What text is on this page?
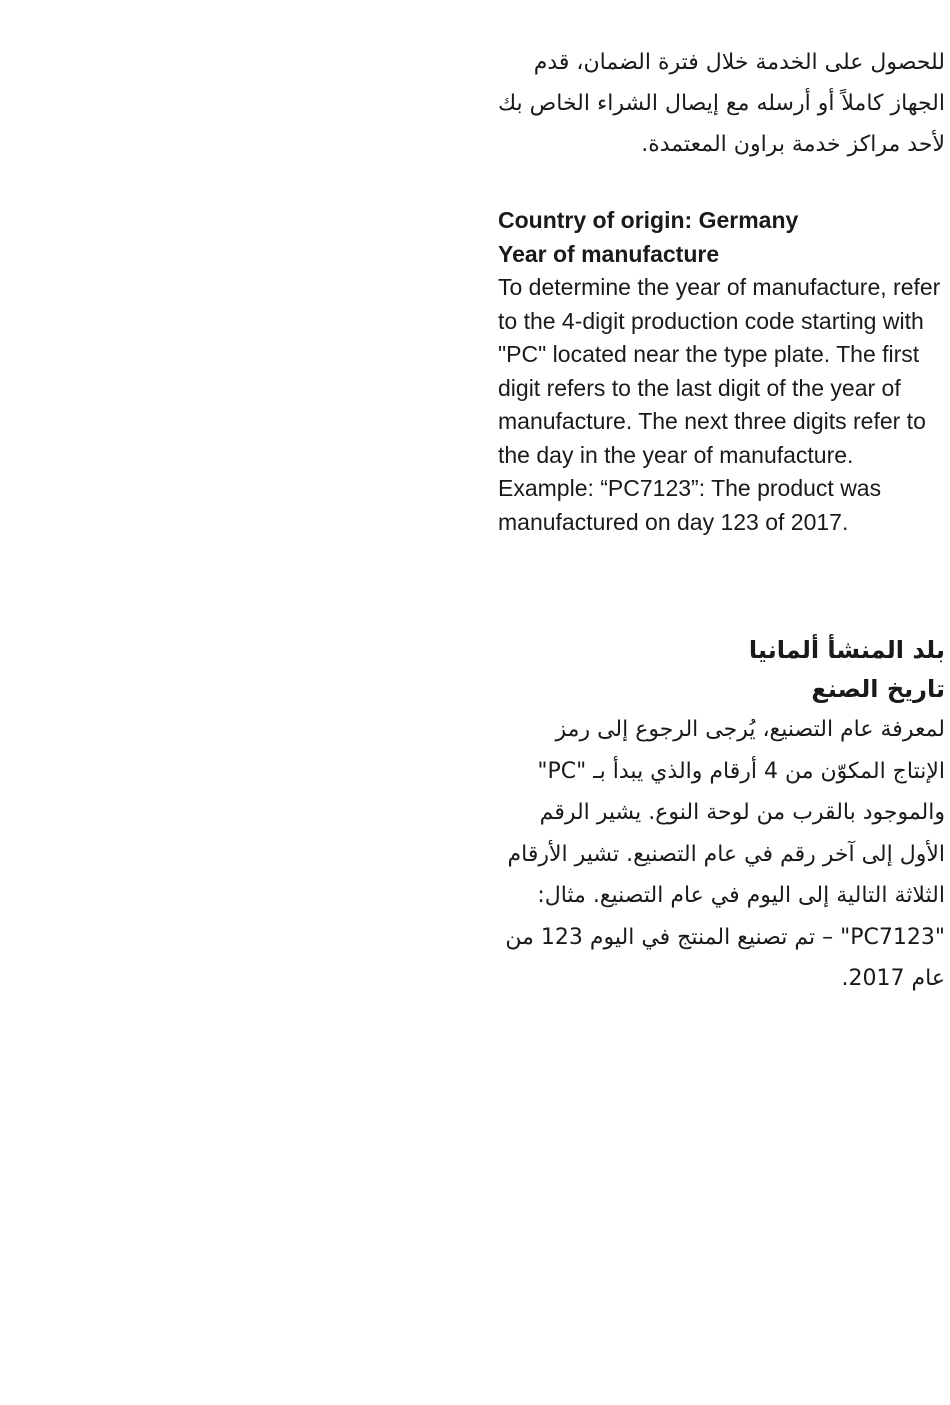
للحصول على الخدمة خلال فترة الضمان، قدم الجهاز كاملاً أو أرسله مع إيصال الشراء الخاص بك لأحد مراكز خدمة براون المعتمدة.

Country of origin: Germany
Year of manufacture
To determine the year of manufacture, refer to the 4-digit production code starting with "PC" located near the type plate. The first digit refers to the last digit of the year of manufacture. The next three digits refer to the day in the year of manufacture. Example: “PC7123”: The product was manufactured on day 123 of 2017.

بلد المنشأ ألمانيا
تاريخ الصنع
لمعرفة عام التصنيع، يُرجى الرجوع إلى رمز الإنتاج المكوّن من 4 أرقام والذي يبدأ بـ "PC" والموجود بالقرب من لوحة النوع. يشير الرقم الأول إلى آخر رقم في عام التصنيع. تشير الأرقام الثلاثة التالية إلى اليوم في عام التصنيع. مثال: "PC7123" – تم تصنيع المنتج في اليوم 123 من عام 2017.
